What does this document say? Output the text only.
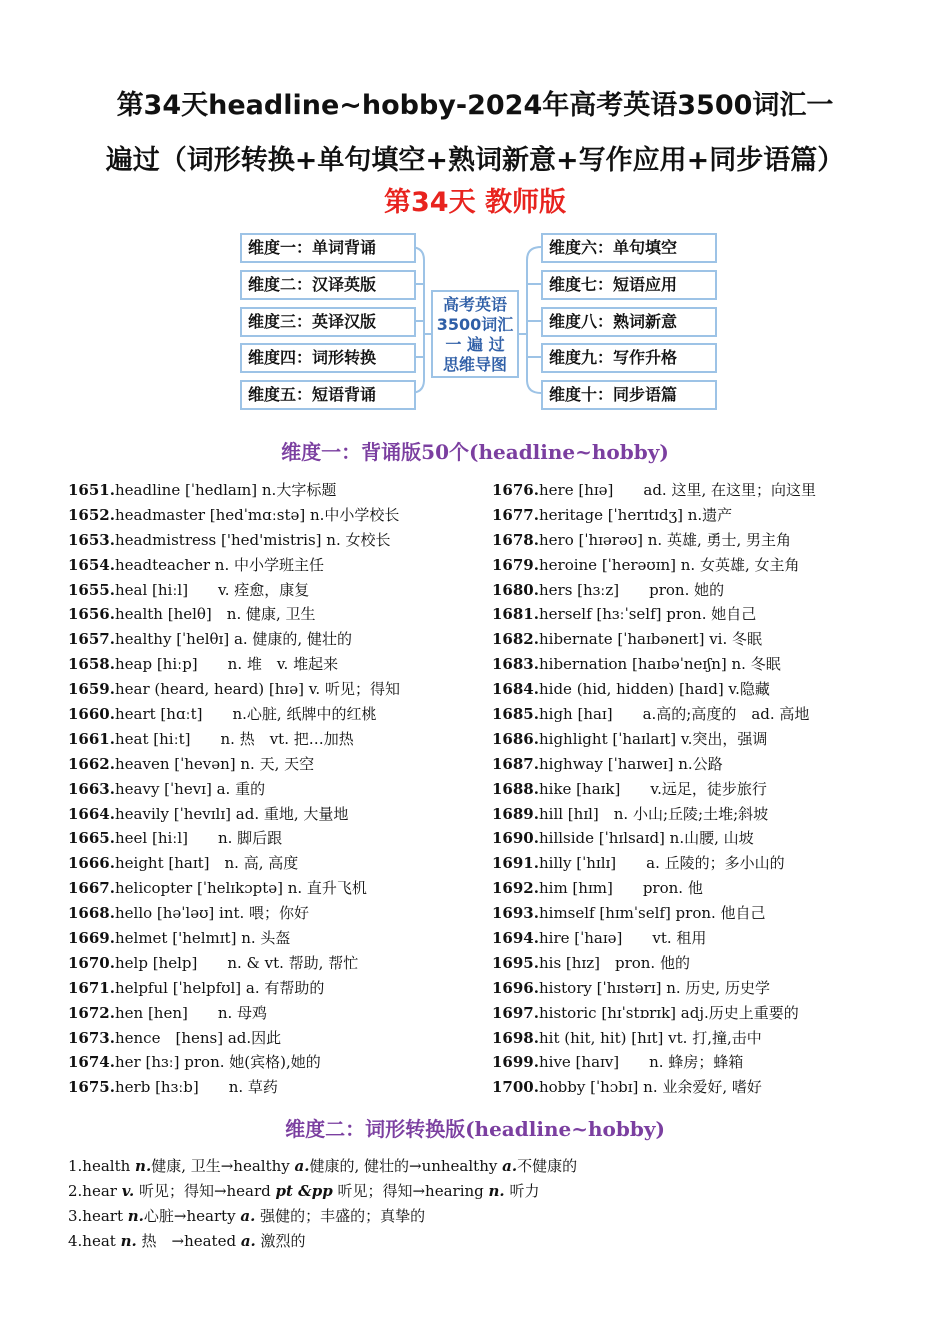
第34天headline~hobby-2024年高考英语3500词汇一
遍过（词形转换+单句填空+熟词新意+写作应用+同步语篇）
第34天 教师版
维度一：单词背诵
维度二：汉译英版
维度三：英译汉版
维度四：词形转换
维度五：短语背诵
维度六：单句填空
维度七：短语应用
维度八：熟词新意
维度九：写作升格
维度十：同步语篇
高考英语
3500词汇
一 遍 过
思维导图
维度一：背诵版50个(headline~hobby)
1651.headline [ˈhedlaɪn] n.大字标题
1652.headmaster [hedˈmɑːstə] n.中小学校长
1653.headmistress ['hed'mistris] n. 女校长
1654.headteacher n. 中小学班主任
1655.heal [hiːl]　　v. 痊愈，康复
1656.health [helθ]　n. 健康, 卫生
1657.healthy [ˈhelθɪ] a. 健康的, 健壮的
1658.heap [hiːp]　　n. 堆　v. 堆起来
1659.hear (heard, heard) [hɪə] v. 听见；得知
1660.heart [hɑːt]　　n.心脏, 纸牌中的红桃
1661.heat [hiːt]　　n. 热　vt. 把…加热
1662.heaven [ˈhevən] n. 天, 天空
1663.heavy [ˈhevɪ] a. 重的
1664.heavily [ˈhevɪlɪ] ad. 重地, 大量地
1665.heel [hiːl]　　n. 脚后跟
1666.height [haɪt]　n. 高, 高度
1667.helicopter [ˈhelɪkɔptə] n. 直升飞机
1668.hello [həˈləʊ] int. 喂；你好
1669.helmet ['helmɪt] n. 头盔
1670.help [help]　　n. & vt. 帮助, 帮忙
1671.helpful [ˈhelpfʊl] a. 有帮助的
1672.hen [hen]　　n. 母鸡
1673.hence　[hens] ad.因此
1674.her [hɜː] pron. 她(宾格),她的
1675.herb [hɜːb]　　n. 草药
1676.here [hɪə]　　ad. 这里, 在这里；向这里
1677.heritage [ˈherɪtɪdʒ] n.遗产
1678.hero [ˈhɪərəʊ] n. 英雄, 勇士, 男主角
1679.heroine [ˈherəʊɪn] n. 女英雄, 女主角
1680.hers [hɜːz]　　pron. 她的
1681.herself [hɜːˈself] pron. 她自己
1682.hibernate [ˈhaɪbəneɪt] vi. 冬眠
1683.hibernation [haɪbəˈneɪʃn] n. 冬眠
1684.hide (hid, hidden) [haɪd] v.隐藏
1685.high [haɪ]　　a.高的;高度的　ad. 高地
1686.highlight [ˈhaɪlaɪt] v.突出，强调
1687.highway [ˈhaɪweɪ] n.公路
1688.hike [haɪk]　　v.远足，徒步旅行
1689.hill [hɪl]　n. 小山;丘陵;土堆;斜坡
1690.hillside [ˈhɪlsaɪd] n.山腰, 山坡
1691.hilly [ˈhɪlɪ]　　a. 丘陵的；多小山的
1692.him [hɪm]　　pron. 他
1693.himself [hɪmˈself] pron. 他自己
1694.hire [ˈhaɪə]　　vt. 租用
1695.his [hɪz]　pron. 他的
1696.history [ˈhɪstərɪ] n. 历史, 历史学
1697.historic [hɪˈstɒrɪk] adj.历史上重要的
1698.hit (hit, hit) [hɪt] vt. 打,撞,击中
1699.hive [haɪv]　　n. 蜂房；蜂箱
1700.hobby [ˈhɔbɪ] n. 业余爱好, 嗜好
维度二：词形转换版(headline~hobby)
1.health n.健康, 卫生→healthy a.健康的, 健壮的→unhealthy a.不健康的
2.hear v. 听见；得知→heard pt &pp 听见；得知→hearing n. 听力
3.heart n.心脏→hearty a. 强健的；丰盛的；真挚的
4.heat n. 热　→heated a. 激烈的
